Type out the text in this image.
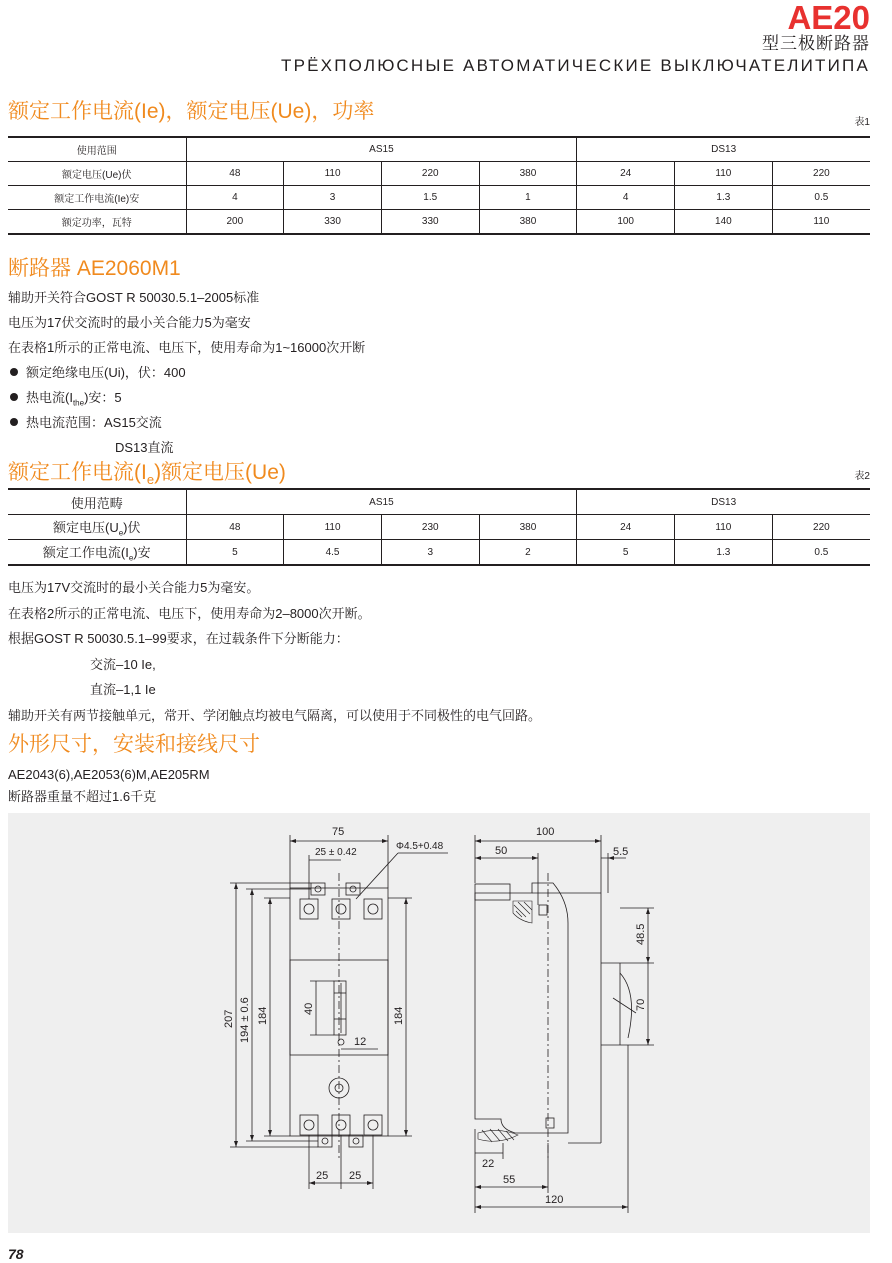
AE20
型三极断路器
ТРЁХПОЛЮСНЫЕ АВТОМАТИЧЕСКИЕ ВЫКЛЮЧАТЕЛИТИПА
额定工作电流(Ie)，额定电压(Ue)，功率	表1
使用范围	AS15				DS13		
额定电压(Ue)伏	48	110	220	380	24	110	220
额定工作电流(Ie)安	4	3	1.5	1	4	1.3	0.5
额定功率，瓦特	200	330	330	380	100	140	110
断路器 AE2060M1
辅助开关符合GOST R 50030.5.1–2005标准
电压为17伏交流时的最小关合能力5为毫安
在表格1所示的正常电流、电压下，使用寿命为1~16000次开断
额定绝缘电压(Ui)，伏：400
热电流$(I_{the})$安：5
热电流范围：AS15交流
DS13直流
额定工作电流$(I_e)$额定电压(Ue)	表2
使用范畴	AS15				DS13		
额定电压$(U_e)$伏	48	110	230	380	24	110	220
额定工作电流$(I_e)$安	5	4.5	3	2	5	1.3	0.5
电压为17V交流时的最小关合能力5为毫安。
在表格2所示的正常电流、电压下，使用寿命为2–8000次开断。
根据GOST R 50030.5.1–99要求，在过载条件下分断能力：
交流–10 Ie,
直流–1,1 Ie
辅助开关有两节接触单元，常开、学闭触点均被电气隔离，可以使用于不同极性的电气回路。
外形尺寸，安装和接线尺寸
AE2043(6),AE2053(6)M,AE205RM
断路器重量不超过1.6千克
75
25 ± 0.42
Φ4.5+0.48
207 194 ± 0.6 184	40
12
184
25 25
100
50	5.5
48.5
70
22
55
120
78
